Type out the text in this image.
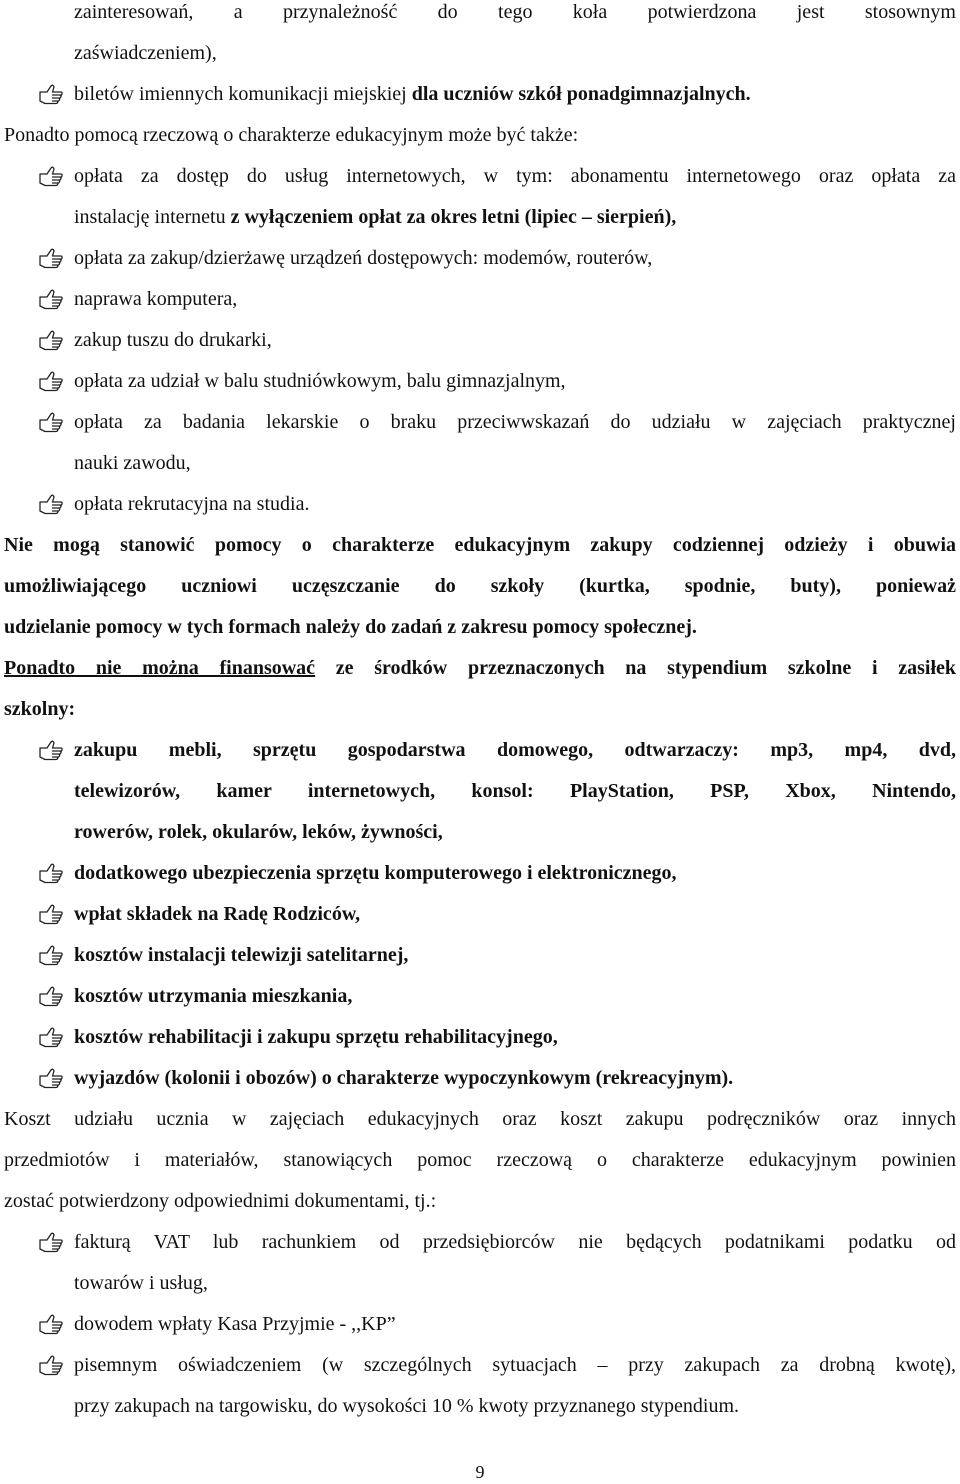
zainteresowań, a przynależność do tego koła potwierdzona jest stosownym
zaświadczeniem),
biletów imiennych komunikacji miejskiej dla uczniów szkół ponadgimnazjalnych.
Ponadto pomocą rzeczową o charakterze edukacyjnym może być także:
opłata za dostęp do usług internetowych, w tym: abonamentu internetowego oraz opłata za
instalację internetu z wyłączeniem opłat za okres letni (lipiec – sierpień),
opłata za zakup/dzierżawę urządzeń dostępowych: modemów, routerów,
naprawa komputera,
zakup tuszu do drukarki,
opłata za udział w balu studniówkowym, balu gimnazjalnym,
opłata za badania lekarskie o braku przeciwwskazań do udziału w zajęciach praktycznej
nauki zawodu,
opłata rekrutacyjna na studia.
Nie mogą stanowić pomocy o charakterze edukacyjnym zakupy codziennej odzieży i obuwia
umożliwiającego uczniowi uczęszczanie do szkoły (kurtka, spodnie, buty), ponieważ
udzielanie pomocy w tych formach należy do zadań z zakresu pomocy społecznej.
Ponadto nie można finansować ze środków przeznaczonych na stypendium szkolne i zasiłek
szkolny:
zakupu mebli, sprzętu gospodarstwa domowego, odtwarzaczy: mp3, mp4, dvd,
telewizorów, kamer internetowych, konsol: PlayStation, PSP, Xbox, Nintendo,
rowerów, rolek, okularów, leków, żywności,
dodatkowego ubezpieczenia sprzętu komputerowego i elektronicznego,
wpłat składek na Radę Rodziców,
kosztów instalacji telewizji satelitarnej,
kosztów utrzymania mieszkania,
kosztów rehabilitacji i zakupu sprzętu rehabilitacyjnego,
wyjazdów (kolonii i obozów) o charakterze wypoczynkowym (rekreacyjnym).
Koszt udziału ucznia w zajęciach edukacyjnych oraz koszt zakupu podręczników oraz innych
przedmiotów i materiałów, stanowiących pomoc rzeczową o charakterze edukacyjnym powinien
zostać potwierdzony odpowiednimi dokumentami, tj.:
fakturą VAT lub rachunkiem od przedsiębiorców nie będących podatnikami podatku od
towarów i usług,
dowodem wpłaty Kasa Przyjmie - ,,KP”
pisemnym oświadczeniem (w szczególnych sytuacjach – przy zakupach za drobną kwotę),
przy zakupach na targowisku, do wysokości 10 % kwoty przyznanego stypendium.
9
